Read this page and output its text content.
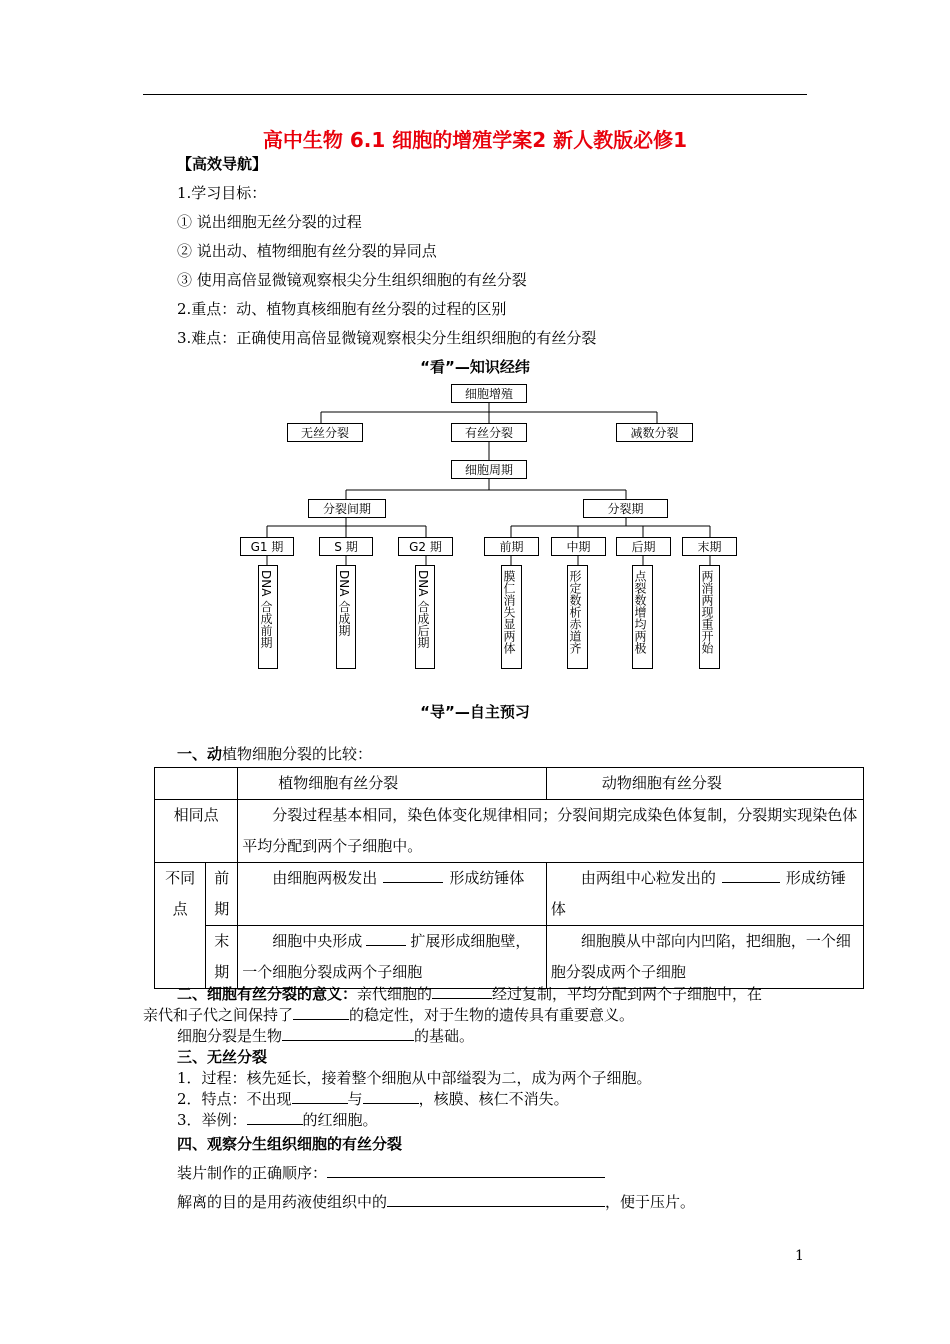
高中生物 6.1 细胞的增殖学案2 新人教版必修1
【高效导航】
1.学习目标：
① 说出细胞无丝分裂的过程
② 说出动、植物细胞有丝分裂的异同点
③ 使用高倍显微镜观察根尖分生组织细胞的有丝分裂
2.重点：动、植物真核细胞有丝分裂的过程的区别
3.难点：正确使用高倍显微镜观察根尖分生组织细胞的有丝分裂
“看”—知识经纬
细胞增殖
无丝分裂	有丝分裂	减数分裂
细胞周期
分裂间期	分裂期
G1 期	S 期	G2 期	前期	中期	后期	末期
DNA 合成前期	DNA 合成期	DNA 合成后期	膜仁消失显两体	形定数析赤道齐	点裂数增均两极	两消两现重开始
“导”—自主预习
一、动植物细胞分裂的比较：
		植物细胞有丝分裂	动物细胞有丝分裂
相同点		分裂过程基本相同，染色体变化规律相同；分裂间期完成染色体复制，分裂期实现染色体平均分配到两个子细胞中。	
不同点	前期	由细胞两极发出 形成纺锤体	由两组中心粒发出的 形成纺锤体
	末期	细胞中央形成 扩展形成细胞壁，一个细胞分裂成两个子细胞	细胞膜从中部向内凹陷，把细胞，一个细胞分裂成两个子细胞
二、细胞有丝分裂的意义：亲代细胞的	经过复制，平均分配到两个子细胞中，在
亲代和子代之间保持了	的稳定性，对于生物的遗传具有重要意义。
细胞分裂是生物	的基础。
三、无丝分裂
1．过程：核先延长，接着整个细胞从中部缢裂为二，成为两个子细胞。
2．特点：不出现	与	，核膜、核仁不消失。
3．举例：	的红细胞。
四、观察分生组织细胞的有丝分裂
装片制作的正确顺序：
解离的目的是用药液使组织中的	，便于压片。
1
